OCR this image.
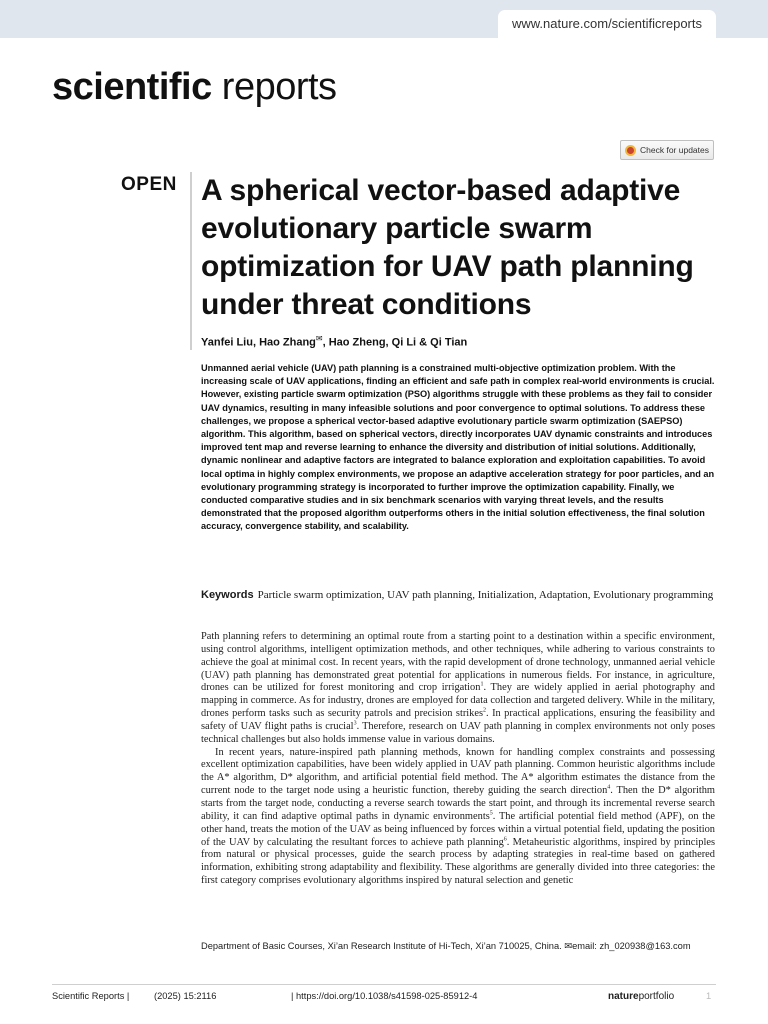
www.nature.com/scientificreports
scientific reports
Check for updates
OPEN A spherical vector-based adaptive evolutionary particle swarm optimization for UAV path planning under threat conditions
Yanfei Liu, Hao Zhang✉, Hao Zheng, Qi Li & Qi Tian

Unmanned aerial vehicle (UAV) path planning is a constrained multi-objective optimization problem. With the increasing scale of UAV applications, finding an efficient and safe path in complex real-world environments is crucial. However, existing particle swarm optimization (PSO) algorithms struggle with these problems as they fail to consider UAV dynamics, resulting in many infeasible solutions and poor convergence to optimal solutions. To address these challenges, we propose a spherical vector-based adaptive evolutionary particle swarm optimization (SAEPSO) algorithm. This algorithm, based on spherical vectors, directly incorporates UAV dynamic constraints and introduces improved tent map and reverse learning to enhance the diversity and distribution of initial solutions. Additionally, dynamic nonlinear and adaptive factors are integrated to balance exploration and exploitation capabilities. To avoid local optima in highly complex environments, we propose an adaptive acceleration strategy for poor particles, and an evolutionary programming strategy is incorporated to further improve the optimization capability. Finally, we conducted comparative studies and in six benchmark scenarios with varying threat levels, and the results demonstrated that the proposed algorithm outperforms others in the initial solution effectiveness, the final solution accuracy, convergence stability, and scalability.

Keywords Particle swarm optimization, UAV path planning, Initialization, Adaptation, Evolutionary programming

Path planning refers to determining an optimal route from a starting point to a destination within a specific environment, using control algorithms, intelligent optimization methods, and other techniques, while adhering to various constraints to achieve the goal at minimal cost. In recent years, with the rapid development of drone technology, unmanned aerial vehicle (UAV) path planning has demonstrated great potential for applications in numerous fields. For instance, in agriculture, drones can be utilized for forest monitoring and crop irrigation$^1$. They are widely applied in aerial photography and mapping in commerce. As for industry, drones are employed for data collection and targeted delivery. While in the military, drones perform tasks such as security patrols and precision strikes$^2$. In practical applications, ensuring the feasibility and safety of UAV flight paths is crucial$^3$. Therefore, research on UAV path planning in complex environments not only poses technical challenges but also holds immense value in various domains.

In recent years, nature-inspired path planning methods, known for handling complex constraints and possessing excellent optimization capabilities, have been widely applied in UAV path planning. Common heuristic algorithms include the A* algorithm, D* algorithm, and artificial potential field method. The A* algorithm estimates the distance from the current node to the target node using a heuristic function, thereby guiding the search direction$^4$. Then the D* algorithm starts from the target node, conducting a reverse search towards the start point, and through its incremental reverse search ability, it can find adaptive optimal paths in dynamic environments$^5$. The artificial potential field method (APF), on the other hand, treats the motion of the UAV as being influenced by forces within a virtual potential field, updating the position of the UAV by calculating the resultant forces to achieve path planning$^6$. Metaheuristic algorithms, inspired by principles from natural or physical processes, guide the search process by adapting strategies in real-time based on gathered information, exhibiting strong adaptability and flexibility. These algorithms are generally divided into three categories: the first category comprises evolutionary algorithms inspired by natural selection and genetic

Department of Basic Courses, Xi’an Research Institute of Hi-Tech, Xi’an 710025, China. ✉email: zh_020938@163.com

Scientific Reports |	(2025) 15:2116	| https://doi.org/10.1038/s41598-025-85912-4	natureportfolio	1
